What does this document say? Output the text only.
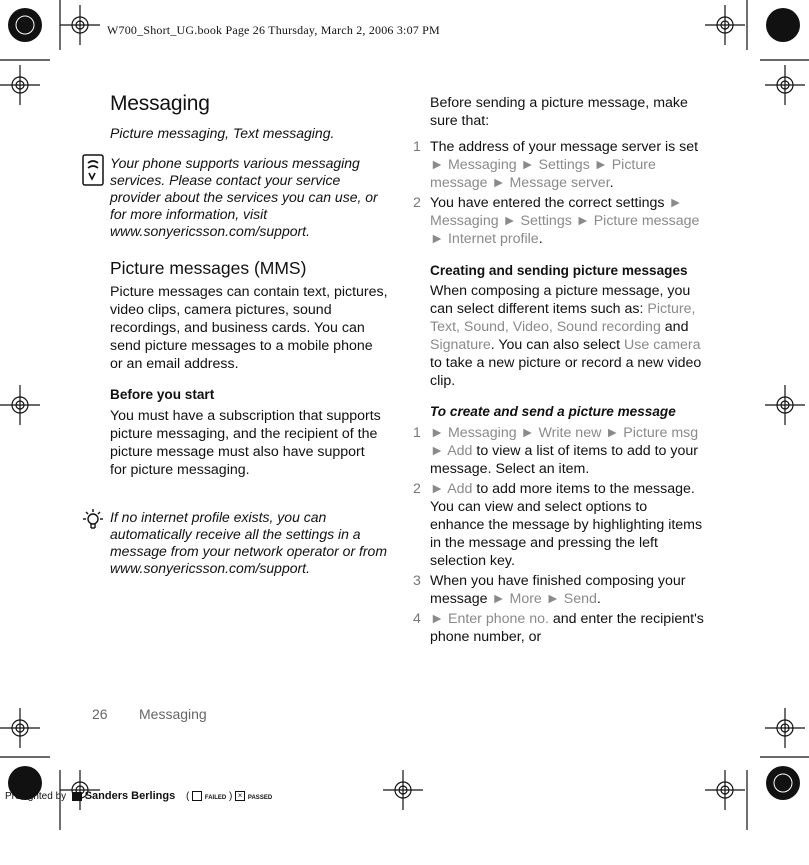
W700_Short_UG.book Page 26 Thursday, March 2, 2006 3:07 PM
Messaging
Picture messaging, Text messaging.
Your phone supports various messaging services. Please contact your service provider about the services you can use, or for more information, visit www.sonyericsson.com/support.
Picture messages (MMS)
Picture messages can contain text, pictures, video clips, camera pictures, sound recordings, and business cards. You can send picture messages to a mobile phone or an email address.
Before you start
You must have a subscription that supports picture messaging, and the recipient of the picture message must also have support for picture messaging.
If no internet profile exists, you can automatically receive all the settings in a message from your network operator or from www.sonyericsson.com/support.
Before sending a picture message, make sure that:
1 The address of your message server is set ► Messaging ► Settings ► Picture message ► Message server.
2 You have entered the correct settings ► Messaging ► Settings ► Picture message ► Internet profile.
Creating and sending picture messages
When composing a picture message, you can select different items such as: Picture, Text, Sound, Video, Sound recording and Signature. You can also select Use camera to take a new picture or record a new video clip.
To create and send a picture message
1 ► Messaging ► Write new ► Picture msg ► Add to view a list of items to add to your message. Select an item.
2 ► Add to add more items to the message. You can view and select options to enhance the message by highlighting items in the message and pressing the left selection key.
3 When you have finished composing your message ► More ► Send.
4 ► Enter phone no. and enter the recipient's phone number, or
26 Messaging
Preflighted by Sanders Berlings (	FAILED ) × PASSED
